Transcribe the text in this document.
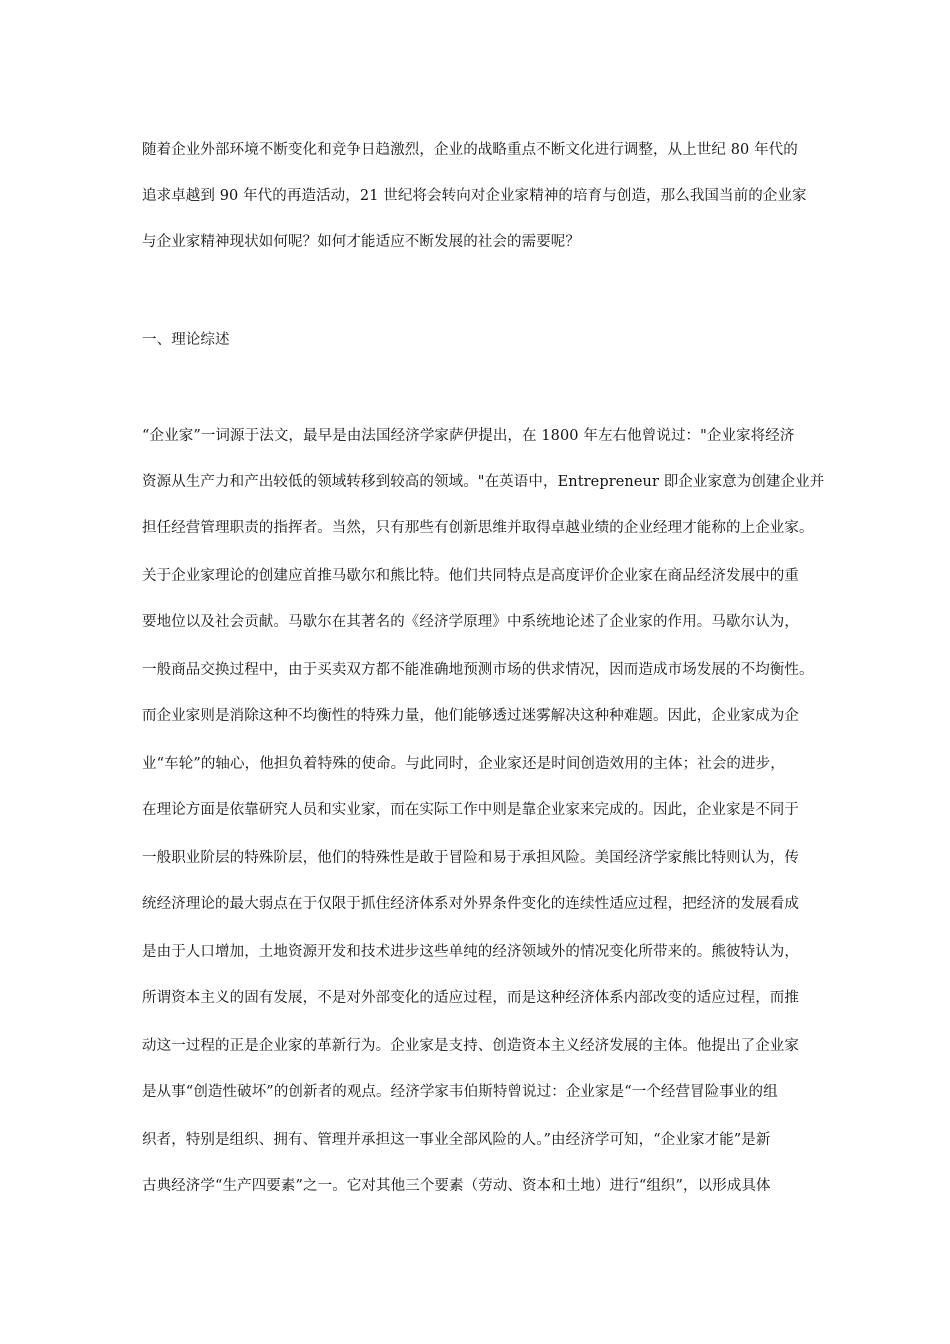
随着企业外部环境不断变化和竞争日趋激烈，企业的战略重点不断文化进行调整，从上世纪 80 年代的

追求卓越到 90 年代的再造活动，21 世纪将会转向对企业家精神的培育与创造，那么我国当前的企业家

与企业家精神现状如何呢？如何才能适应不断发展的社会的需要呢？

一、理论综述

“企业家”一词源于法文，最早是由法国经济学家萨伊提出，在 1800 年左右他曾说过："企业家将经济

资源从生产力和产出较低的领域转移到较高的领域。"在英语中，Entrepreneur 即企业家意为创建企业并

担任经营管理职责的指挥者。当然，只有那些有创新思维并取得卓越业绩的企业经理才能称的上企业家。

关于企业家理论的创建应首推马歇尔和熊比特。他们共同特点是高度评价企业家在商品经济发展中的重

要地位以及社会贡献。马歇尔在其著名的《经济学原理》中系统地论述了企业家的作用。马歇尔认为，

一般商品交换过程中，由于买卖双方都不能准确地预测市场的供求情况，因而造成市场发展的不均衡性。

而企业家则是消除这种不均衡性的特殊力量，他们能够透过迷雾解决这种种难题。因此，企业家成为企

业“车轮”的轴心，他担负着特殊的使命。与此同时，企业家还是时间创造效用的主体；社会的进步，

在理论方面是依靠研究人员和实业家，而在实际工作中则是靠企业家来完成的。因此，企业家是不同于

一般职业阶层的特殊阶层，他们的特殊性是敢于冒险和易于承担风险。美国经济学家熊比特则认为，传

统经济理论的最大弱点在于仅限于抓住经济体系对外界条件变化的连续性适应过程，把经济的发展看成

是由于人口增加，土地资源开发和技术进步这些单纯的经济领域外的情况变化所带来的。熊彼特认为，

所谓资本主义的固有发展，不是对外部变化的适应过程，而是这种经济体系内部改变的适应过程，而推

动这一过程的正是企业家的革新行为。企业家是支持、创造资本主义经济发展的主体。他提出了企业家

是从事“创造性破坏”的创新者的观点。经济学家韦伯斯特曾说过：企业家是“一个经营冒险事业的组

织者，特别是组织、拥有、管理并承担这一事业全部风险的人。”由经济学可知，“企业家才能”是新

古典经济学“生产四要素”之一。它对其他三个要素（劳动、资本和土地）进行“组织”，以形成具体
